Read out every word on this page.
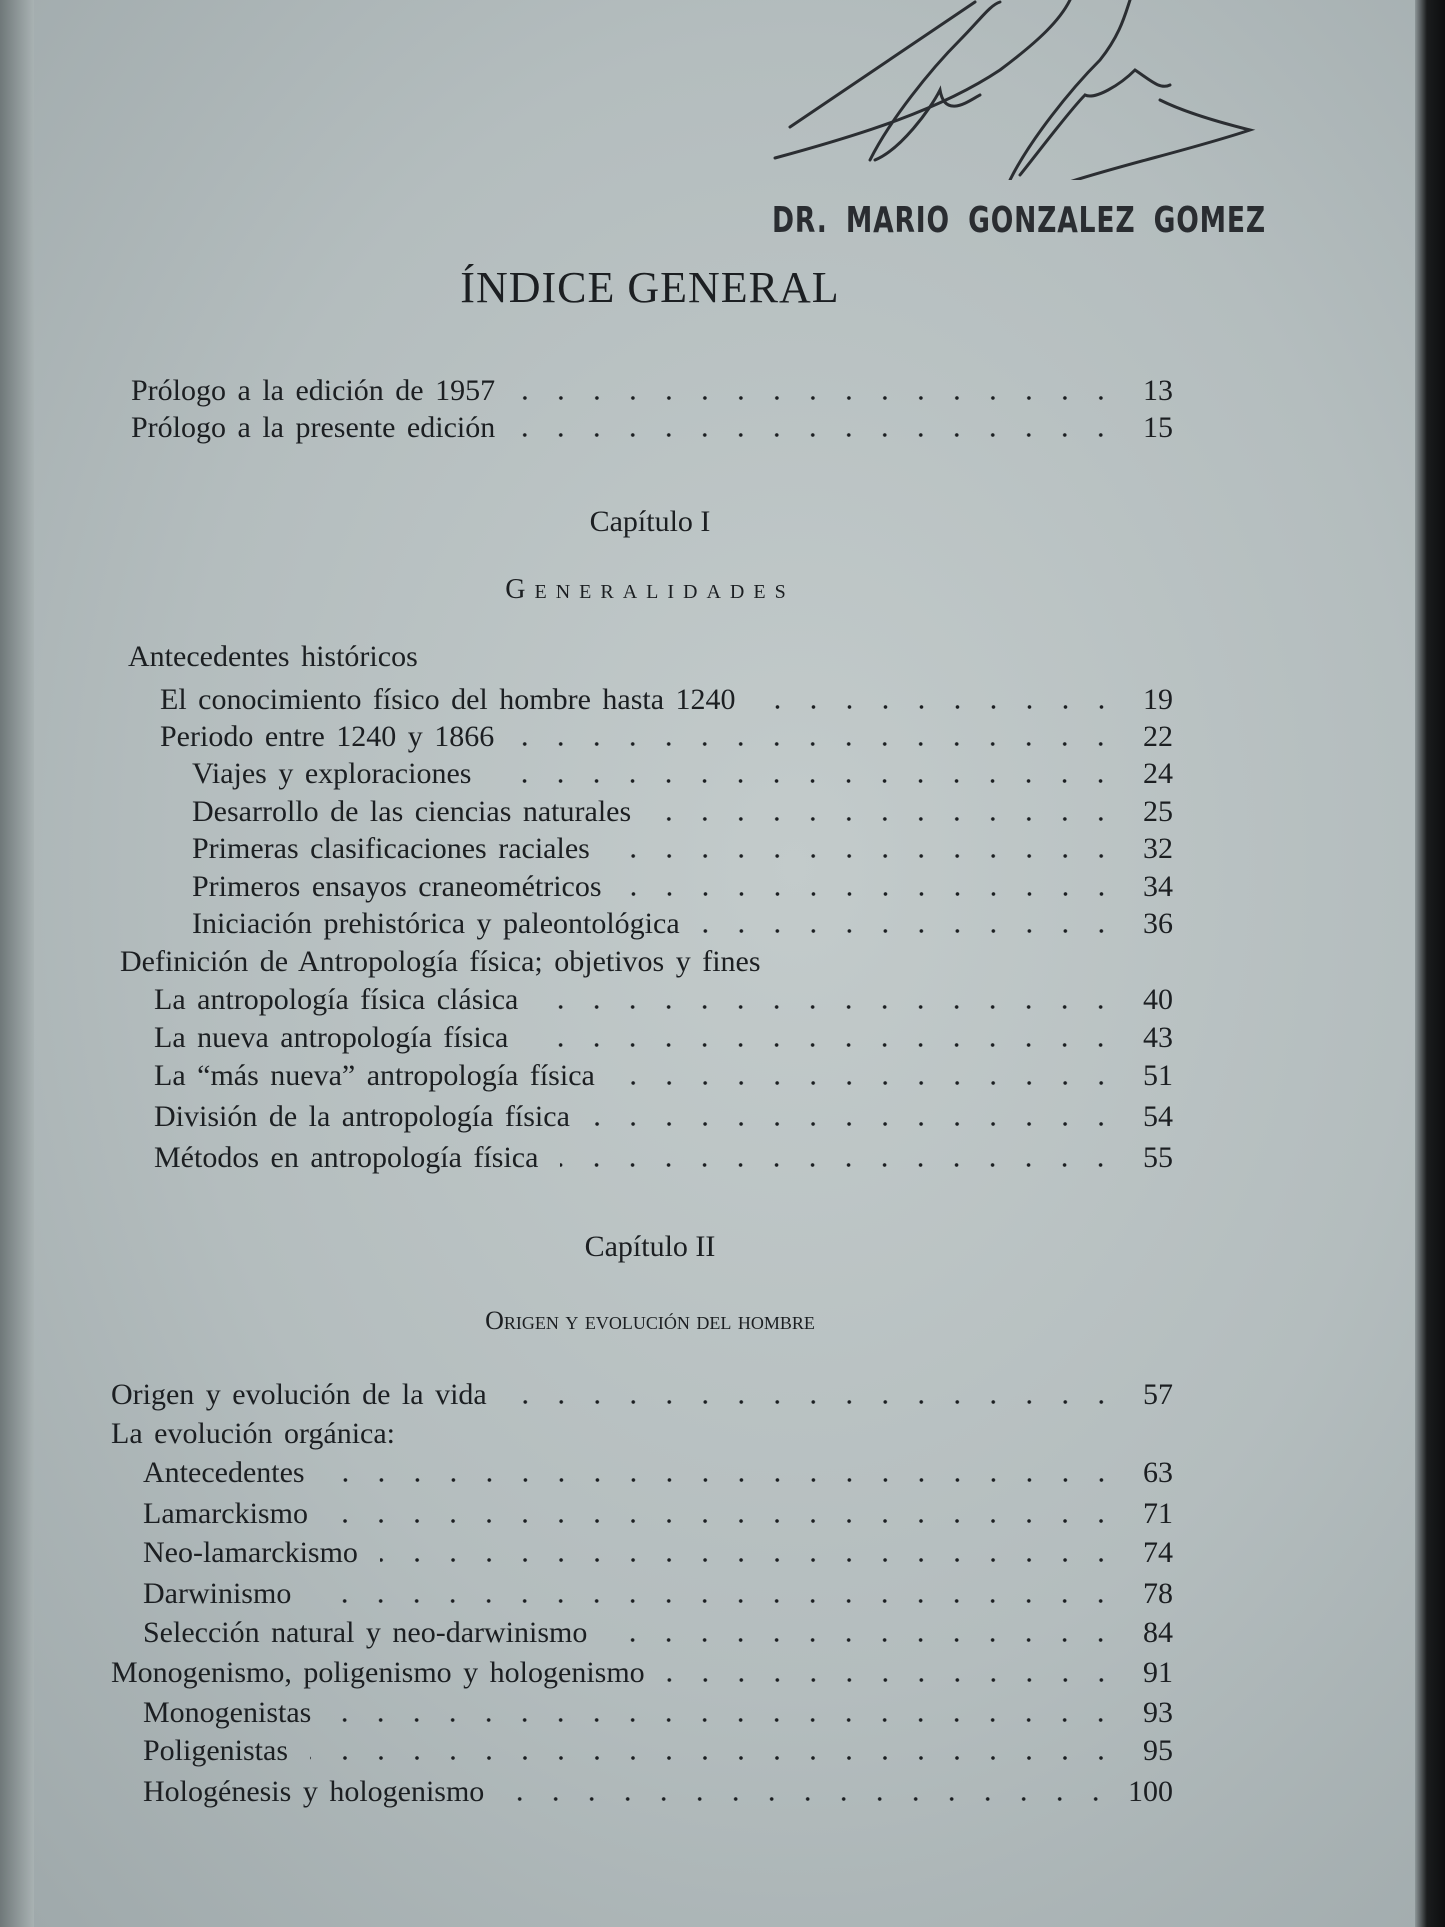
DR. MARIO GONZALEZ GOMEZ
ÍNDICE GENERAL
Prólogo a la edición de 1957	13
Prólogo a la presente edición	15
Capítulo I
Generalidades
Antecedentes históricos
El conocimiento físico del hombre hasta 1240	19
Periodo entre 1240 y 1866	22
Viajes y exploraciones	24
Desarrollo de las ciencias naturales	25
Primeras clasificaciones raciales	32
Primeros ensayos craneométricos	34
Iniciación prehistórica y paleontológica	36
Definición de Antropología física; objetivos y fines
La antropología física clásica	40
La nueva antropología física	43
La “más nueva” antropología física	51
División de la antropología física	54
Métodos en antropología física	55
Capítulo II
Origen y evolución del hombre
Origen y evolución de la vida	57
La evolución orgánica:
Antecedentes	63
Lamarckismo	71
Neo-lamarckismo	74
Darwinismo	78
Selección natural y neo-darwinismo	84
Monogenismo, poligenismo y hologenismo	91
Monogenistas	93
Poligenistas	95
Hologénesis y hologenismo	100
